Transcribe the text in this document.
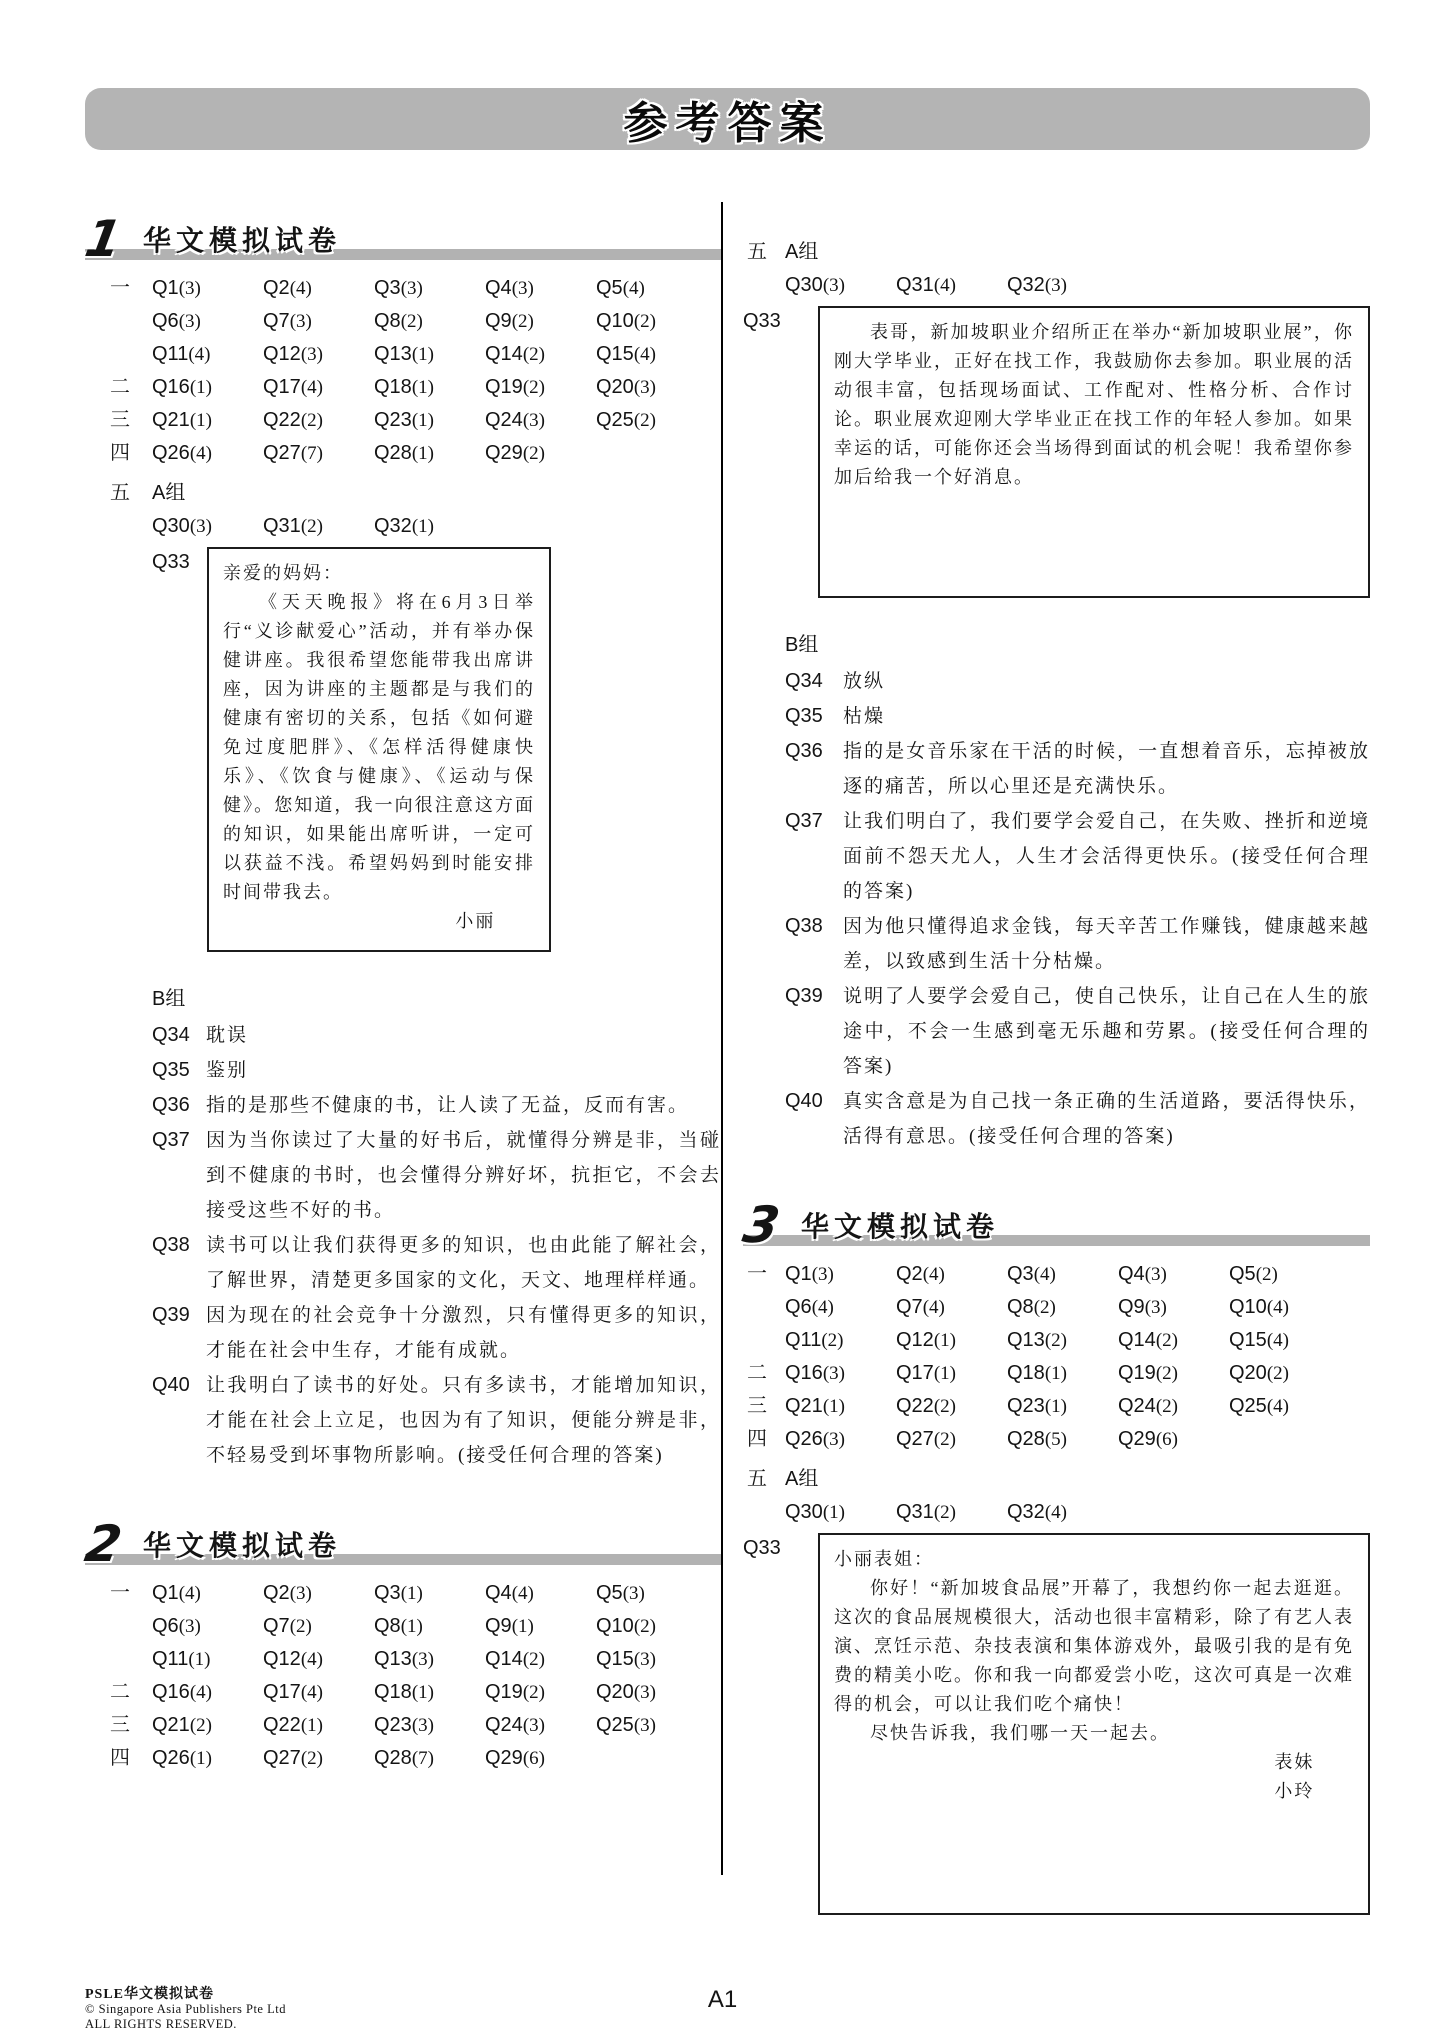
参考答案
1 华文模拟试卷
一	Q1(3)	Q2(4)	Q3(3)	Q4(3)	Q5(4)
Q6(3)	Q7(3)	Q8(2)	Q9(2)	Q10(2)
Q11(4)	Q12(3)	Q13(1)	Q14(2)	Q15(4)
二	Q16(1)	Q17(4)	Q18(1)	Q19(2)	Q20(3)
三	Q21(1)	Q22(2)	Q23(1)	Q24(3)	Q25(2)
四	Q26(4)	Q27(7)	Q28(1)	Q29(2)
五	A组
Q30(3)	Q31(2)	Q32(1)
Q33	亲爱的妈妈：

《天天晚报》将在6月3日举行“义诊献爱心”活动，并有举办保健讲座。我很希望您能带我出席讲座，因为讲座的主题都是与我们的健康有密切的关系，包括《如何避免过度肥胖》、《怎样活得健康快乐》、《饮食与健康》、《运动与保健》。您知道，我一向很注意这方面的知识，如果能出席听讲，一定可以获益不浅。希望妈妈到时能安排时间带我去。

小丽

B组
Q34 耽误

Q35 鉴别

Q36 指的是那些不健康的书，让人读了无益，反而有害。

Q37 因为当你读过了大量的好书后，就懂得分辨是非，当碰到不健康的书时，也会懂得分辨好坏，抗拒它，不会去接受这些不好的书。

Q38 读书可以让我们获得更多的知识，也由此能了解社会，了解世界，清楚更多国家的文化，天文、地理样样通。

Q39 因为现在的社会竞争十分激烈，只有懂得更多的知识，才能在社会中生存，才能有成就。

Q40 让我明白了读书的好处。只有多读书，才能增加知识，才能在社会上立足，也因为有了知识，便能分辨是非，不轻易受到坏事物所影响。(接受任何合理的答案)

2 华文模拟试卷
一	Q1(4)	Q2(3)	Q3(1)	Q4(4)	Q5(3)
Q6(3)	Q7(2)	Q8(1)	Q9(1)	Q10(2)
Q11(1)	Q12(4)	Q13(3)	Q14(2)	Q15(3)
二	Q16(4)	Q17(4)	Q18(1)	Q19(2)	Q20(3)
三	Q21(2)	Q22(1)	Q23(3)	Q24(3)	Q25(3)
四	Q26(1)	Q27(2)	Q28(7)	Q29(6)
五 A组
Q30(3)	Q31(4)	Q32(3)
Q33	表哥，新加坡职业介绍所正在举办“新加坡职业展”，你刚大学毕业，正好在找工作，我鼓励你去参加。职业展的活动很丰富，包括现场面试、工作配对、性格分析、合作讨论。职业展欢迎刚大学毕业正在找工作的年轻人参加。如果幸运的话，可能你还会当场得到面试的机会呢！我希望你参加后给我一个好消息。

B组
Q34	放纵

Q35	枯燥

Q36	指的是女音乐家在干活的时候，一直想着音乐，忘掉被放逐的痛苦，所以心里还是充满快乐。

Q37	让我们明白了，我们要学会爱自己，在失败、挫折和逆境面前不怨天尤人，人生才会活得更快乐。(接受任何合理的答案)

Q38	因为他只懂得追求金钱，每天辛苦工作赚钱，健康越来越差，以致感到生活十分枯燥。

Q39	说明了人要学会爱自己，使自己快乐，让自己在人生的旅途中，不会一生感到毫无乐趣和劳累。(接受任何合理的答案)

Q40	真实含意是为自己找一条正确的生活道路，要活得快乐，活得有意思。(接受任何合理的答案)

3 华文模拟试卷
一 Q1(3)	Q2(4)	Q3(4)	Q4(3)	Q5(2)
Q6(4)	Q7(4)	Q8(2)	Q9(3)	Q10(4)
Q11(2)	Q12(1)	Q13(2)	Q14(2)	Q15(4)
二 Q16(3)	Q17(1)	Q18(1)	Q19(2)	Q20(2)
三 Q21(1)	Q22(2)	Q23(1)	Q24(2)	Q25(4)
四 Q26(3)	Q27(2)	Q28(5)	Q29(6)
五 A组
Q30(1)	Q31(2)	Q32(4)
Q33	小丽表姐：

你好！“新加坡食品展”开幕了，我想约你一起去逛逛。这次的食品展规模很大，活动也很丰富精彩，除了有艺人表演、烹饪示范、杂技表演和集体游戏外，最吸引我的是有免费的精美小吃。你和我一向都爱尝小吃，这次可真是一次难得的机会，可以让我们吃个痛快！

尽快告诉我，我们哪一天一起去。

表妹

小玲

PSLE华文模拟试卷
© Singapore Asia Publishers Pte Ltd
ALL RIGHTS RESERVED.
A1
